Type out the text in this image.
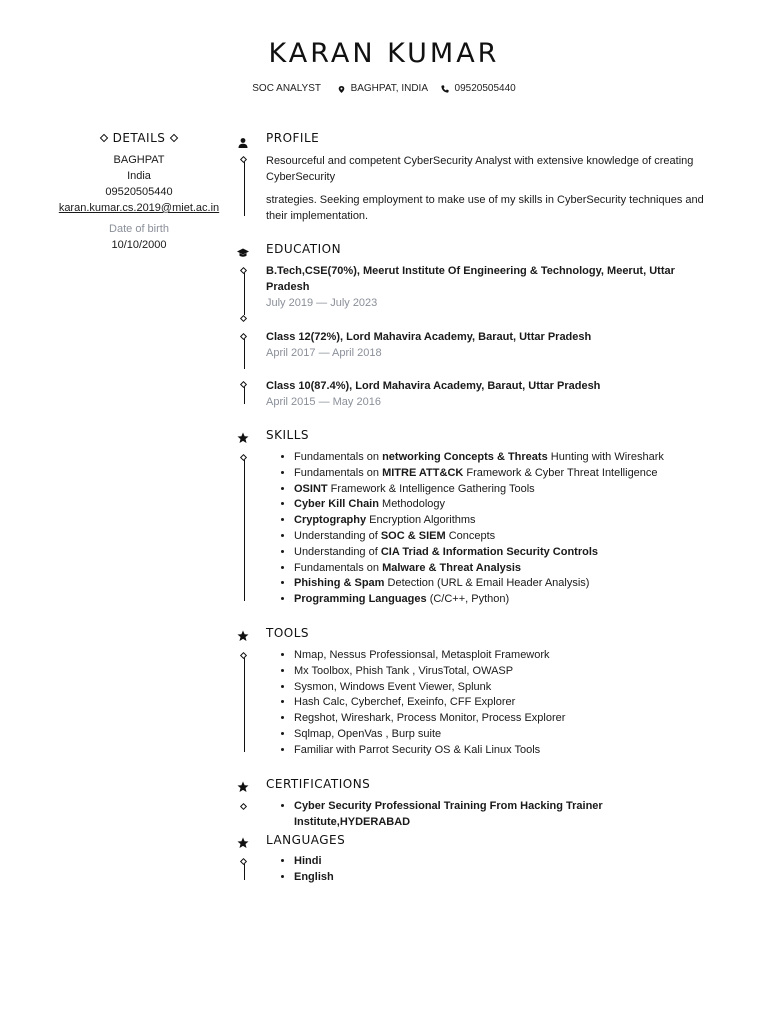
KARAN KUMAR
SOC ANALYST	BAGHPAT, INDIA	09520505440
DETAILS
BAGHPAT
India
09520505440
karan.kumar.cs.2019@miet.ac.in
Date of birth
10/10/2000
PROFILE
Resourceful and competent CyberSecurity Analyst with extensive knowledge of creating CyberSecurity
strategies. Seeking employment to make use of my skills in CyberSecurity techniques and their implementation.
EDUCATION
B.Tech,CSE(70%), Meerut Institute Of Engineering & Technology, Meerut, Uttar Pradesh
July 2019 — July 2023
Class 12(72%), Lord Mahavira Academy, Baraut, Uttar Pradesh
April 2017 — April 2018
Class 10(87.4%), Lord Mahavira Academy, Baraut, Uttar Pradesh
April 2015 — May 2016
SKILLS
• Fundamentals on networking Concepts & Threats Hunting with Wireshark
• Fundamentals on MITRE ATT&CK Framework & Cyber Threat Intelligence
• OSINT Framework & Intelligence Gathering Tools
• Cyber Kill Chain Methodology
• Cryptography Encryption Algorithms
• Understanding of SOC & SIEM Concepts
• Understanding of CIA Triad & Information Security Controls
• Fundamentals on Malware & Threat Analysis
• Phishing & Spam Detection (URL & Email Header Analysis)
• Programming Languages (C/C++, Python)
TOOLS
• Nmap, Nessus Professionsal, Metasploit Framework
• Mx Toolbox, Phish Tank , VirusTotal, OWASP
• Sysmon, Windows Event Viewer, Splunk
• Hash Calc, Cyberchef, Exeinfo, CFF Explorer
• Regshot, Wireshark, Process Monitor, Process Explorer
• Sqlmap, OpenVas , Burp suite
• Familiar with Parrot Security OS & Kali Linux Tools
CERTIFICATIONS
• Cyber Security Professional Training From Hacking Trainer Institute,HYDERABAD
LANGUAGES
• Hindi
• English
